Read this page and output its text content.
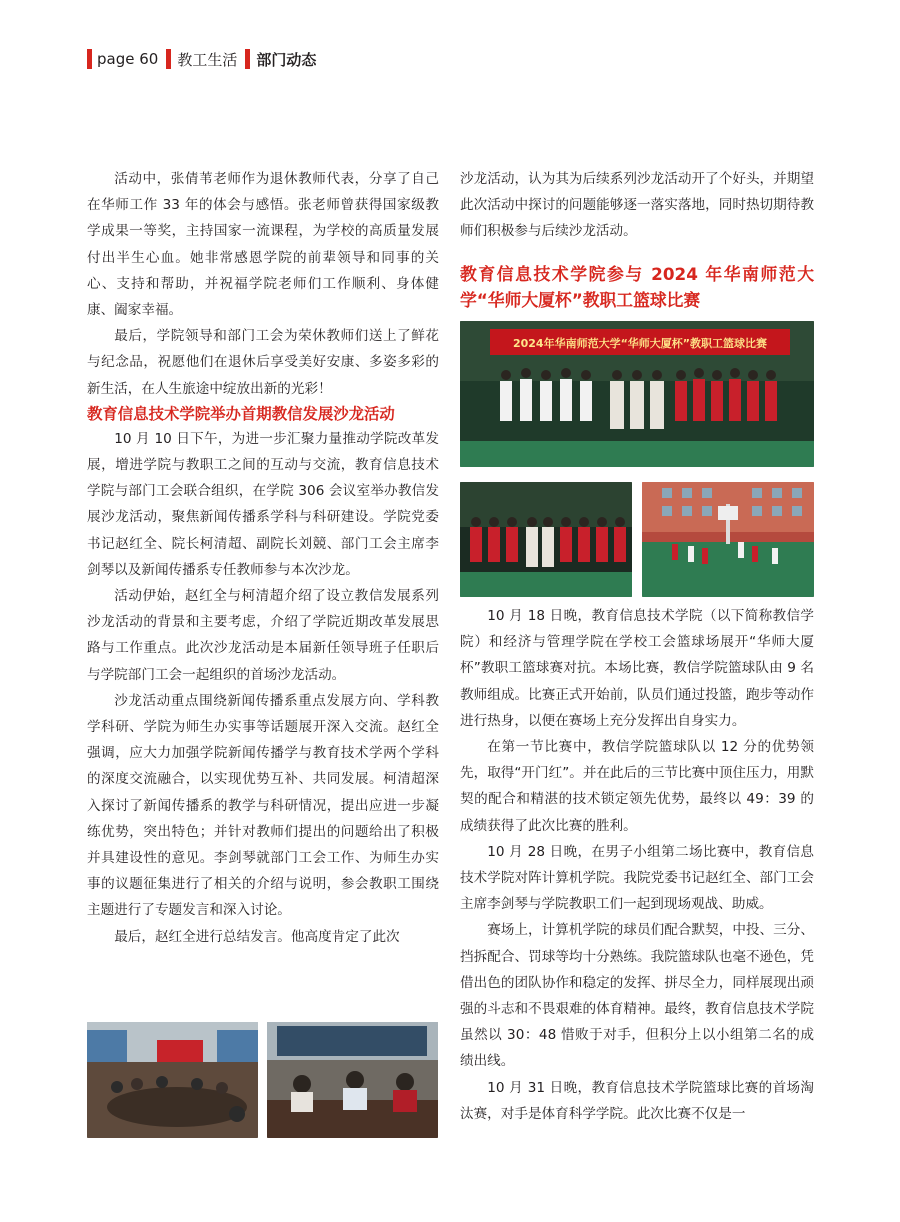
page 60 教工生活 部门动态

活动中，张倩苇老师作为退休教师代表，分享了自己在华师工作 33 年的体会与感悟。张老师曾获得国家级教学成果一等奖，主持国家一流课程，为学校的高质量发展付出半生心血。她非常感恩学院的前辈领导和同事的关心、支持和帮助，并祝福学院老师们工作顺利、身体健康、阖家幸福。

最后，学院领导和部门工会为荣休教师们送上了鲜花与纪念品，祝愿他们在退休后享受美好安康、多姿多彩的新生活，在人生旅途中绽放出新的光彩！

教育信息技术学院举办首期教信发展沙龙活动

10 月 10 日下午，为进一步汇聚力量推动学院改革发展，增进学院与教职工之间的互动与交流，教育信息技术学院与部门工会联合组织，在学院 306 会议室举办教信发展沙龙活动，聚焦新闻传播系学科与科研建设。学院党委书记赵红全、院长柯清超、副院长刘競、部门工会主席李剑琴以及新闻传播系专任教师参与本次沙龙。

活动伊始，赵红全与柯清超介绍了设立教信发展系列沙龙活动的背景和主要考虑，介绍了学院近期改革发展思路与工作重点。此次沙龙活动是本届新任领导班子任职后与学院部门工会一起组织的首场沙龙活动。

沙龙活动重点围绕新闻传播系重点发展方向、学科教学科研、学院为师生办实事等话题展开深入交流。赵红全强调，应大力加强学院新闻传播学与教育技术学两个学科的深度交流融合，以实现优势互补、共同发展。柯清超深入探讨了新闻传播系的教学与科研情况，提出应进一步凝练优势，突出特色；并针对教师们提出的问题给出了积极并具建设性的意见。李剑琴就部门工会工作、为师生办实事的议题征集进行了相关的介绍与说明，参会教职工围绕主题进行了专题发言和深入讨论。

最后，赵红全进行总结发言。他高度肯定了此次

沙龙活动，认为其为后续系列沙龙活动开了个好头，并期望此次活动中探讨的问题能够逐一落实落地，同时热切期待教师们积极参与后续沙龙活动。

教育信息技术学院参与 2024 年华南师范大学“华师大厦杯”教职工篮球比赛

2024年华南师范大学“华师大厦杯”教职工篮球比赛

10 月 18 日晚，教育信息技术学院（以下简称教信学院）和经济与管理学院在学校工会篮球场展开“华师大厦杯”教职工篮球赛对抗。本场比赛，教信学院篮球队由 9 名教师组成。比赛正式开始前，队员们通过投篮，跑步等动作进行热身，以便在赛场上充分发挥出自身实力。

在第一节比赛中，教信学院篮球队以 12 分的优势领先，取得“开门红”。并在此后的三节比赛中顶住压力，用默契的配合和精湛的技术锁定领先优势，最终以 49：39 的成绩获得了此次比赛的胜利。

10 月 28 日晚，在男子小组第二场比赛中，教育信息技术学院对阵计算机学院。我院党委书记赵红全、部门工会主席李剑琴与学院教职工们一起到现场观战、助威。

赛场上，计算机学院的球员们配合默契，中投、三分、挡拆配合、罚球等均十分熟练。我院篮球队也毫不逊色，凭借出色的团队协作和稳定的发挥、拼尽全力，同样展现出顽强的斗志和不畏艰难的体育精神。最终，教育信息技术学院虽然以 30：48 惜败于对手，但积分上以小组第二名的成绩出线。

10 月 31 日晚，教育信息技术学院篮球比赛的首场淘汰赛，对手是体育科学学院。此次比赛不仅是一
